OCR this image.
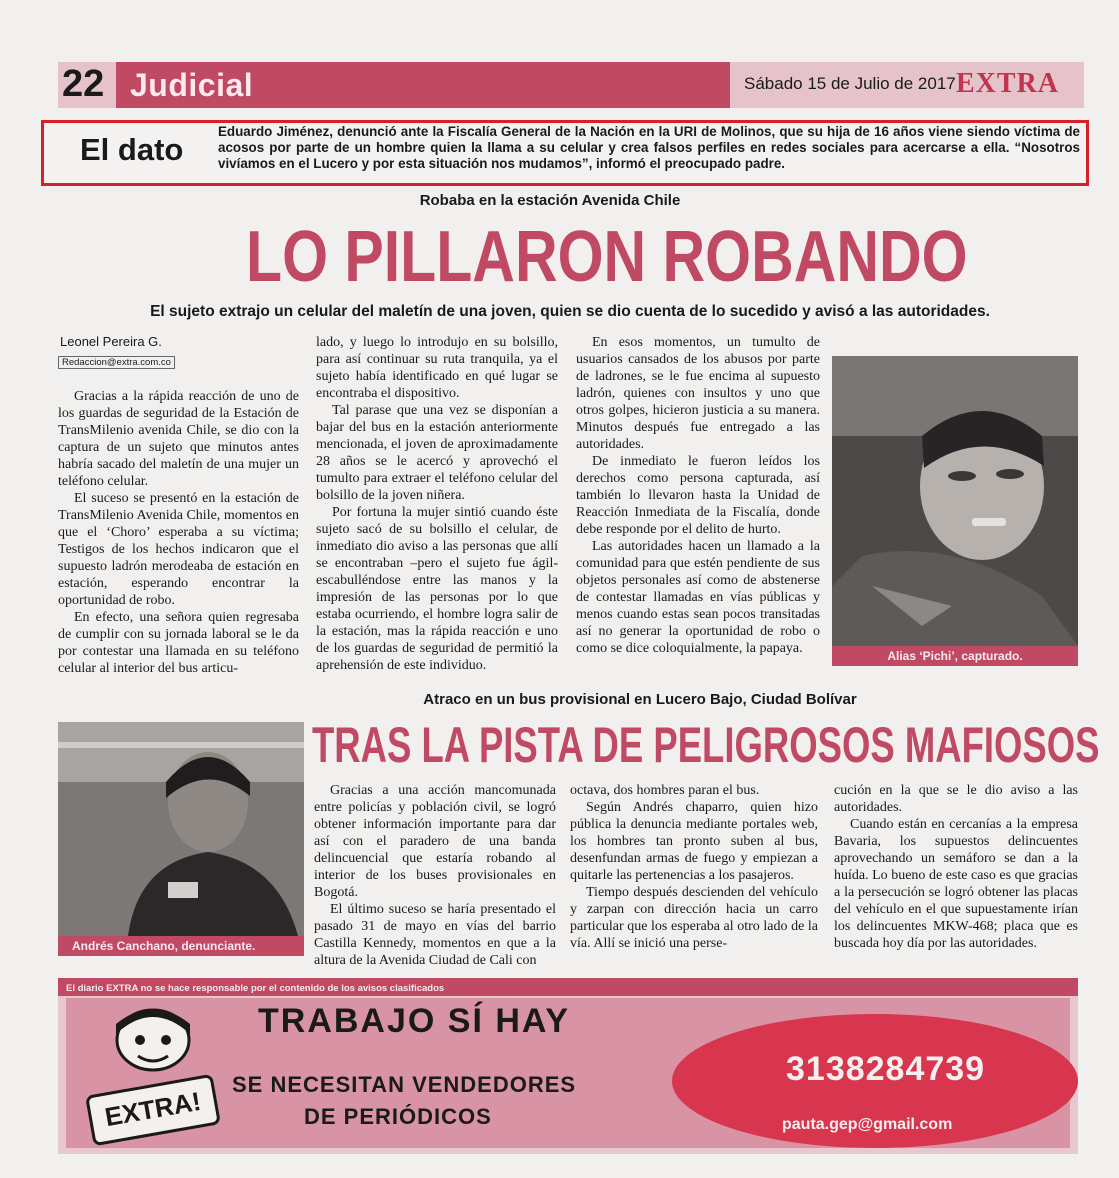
22 Judicial	Sábado 15 de Julio de 2017 EXTRA
El dato
Eduardo Jiménez, denunció ante la Fiscalía General de la Nación en la URI de Molinos, que su hija de 16 años viene siendo víctima de acosos por parte de un hombre quien la llama a su celular y crea falsos perfiles en redes sociales para acercarse a ella. “Nosotros vivíamos en el Lucero y por esta situación nos mudamos”, informó el preocupado padre.
Robaba en la estación Avenida Chile
LO PILLARON ROBANDO
El sujeto extrajo un celular del maletín de una joven, quien se dio cuenta de lo sucedido y avisó a las autoridades.
Leonel Pereira G.
Redaccion@extra.com.co

Gracias a la rápida reacción de uno de los guardas de seguridad de la Estación de TransMilenio avenida Chile, se dio con la captura de un sujeto que minutos antes habría sacado del maletín de una mujer un teléfono celular.

El suceso se presentó en la estación de TransMilenio Avenida Chile, momentos en que el ‘Choro’ esperaba a su víctima; Testigos de los hechos indicaron que el supuesto ladrón merodeaba de estación en estación, esperando encontrar la oportunidad de robo.

En efecto, una señora quien regresaba de cumplir con su jornada laboral se le da por contestar una llamada en su teléfono celular al interior del bus articu-

lado, y luego lo introdujo en su bolsillo, para así continuar su ruta tranquila, ya el sujeto había identificado en qué lugar se encontraba el dispositivo.

Tal parase que una vez se disponían a bajar del bus en la estación anteriormente mencionada, el joven de aproximadamente 28 años se le acercó y aprovechó el tumulto para extraer el teléfono celular del bolsillo de la joven niñera.

Por fortuna la mujer sintió cuando éste sujeto sacó de su bolsillo el celular, de inmediato dio aviso a las personas que allí se encontraban –pero el sujeto fue ágil- escabulléndose entre las manos y la impresión de las personas por lo que estaba ocurriendo, el hombre logra salir de la estación, mas la rápida reacción e uno de los guardas de seguridad de permitió la aprehensión de este individuo.

En esos momentos, un tumulto de usuarios cansados de los abusos por parte de ladrones, se le fue encima al supuesto ladrón, quienes con insultos y uno que otros golpes, hicieron justicia a su manera. Minutos después fue entregado a las autoridades.

De inmediato le fueron leídos los derechos como persona capturada, así también lo llevaron hasta la Unidad de Reacción Inmediata de la Fiscalía, donde debe responde por el delito de hurto.

Las autoridades hacen un llamado a la comunidad para que estén pendiente de sus objetos personales así como de abstenerse de contestar llamadas en vías públicas y menos cuando estas sean pocos transitadas así no generar la oportunidad de robo o como se dice coloquialmente, la papaya.	Alias ‘Pichi’, capturado.
Atraco en un bus provisional en Lucero Bajo, Ciudad Bolívar
TRAS LA PISTA DE PELIGROSOS MAFIOSOS
Andrés Canchano, denunciante.

Gracias a una acción mancomunada entre policías y población civil, se logró obtener información importante para dar así con el paradero de una banda delincuencial que estaría robando al interior de los buses provisionales en Bogotá.

El último suceso se haría presentado el pasado 31 de mayo en vías del barrio Castilla Kennedy, momentos en que a la altura de la Avenida Ciudad de Cali con

octava, dos hombres paran el bus.

Según Andrés chaparro, quien hizo pública la denuncia mediante portales web, los hombres tan pronto suben al bus, desenfundan armas de fuego y empiezan a quitarle las pertenencias a los pasajeros.

Tiempo después descienden del vehículo y zarpan con dirección hacia un carro particular que los esperaba al otro lado de la vía. Allí se inició una perse-

cución en la que se le dio aviso a las autoridades.

Cuando están en cercanías a la empresa Bavaria, los supuestos delincuentes aprovechando un semáforo se dan a la huída. Lo bueno de este caso es que gracias a la persecución se logró obtener las placas del vehículo en el que supuestamente irían los delincuentes MKW-468; placa que es buscada hoy día por las autoridades.

El diario EXTRA no se hace responsable por el contenido de los avisos clasificados
EXTRA!
TRABAJO SÍ HAY
SE NECESITAN VENDEDORES
DE PERIÓDICOS
3138284739
pauta.gep@gmail.com
